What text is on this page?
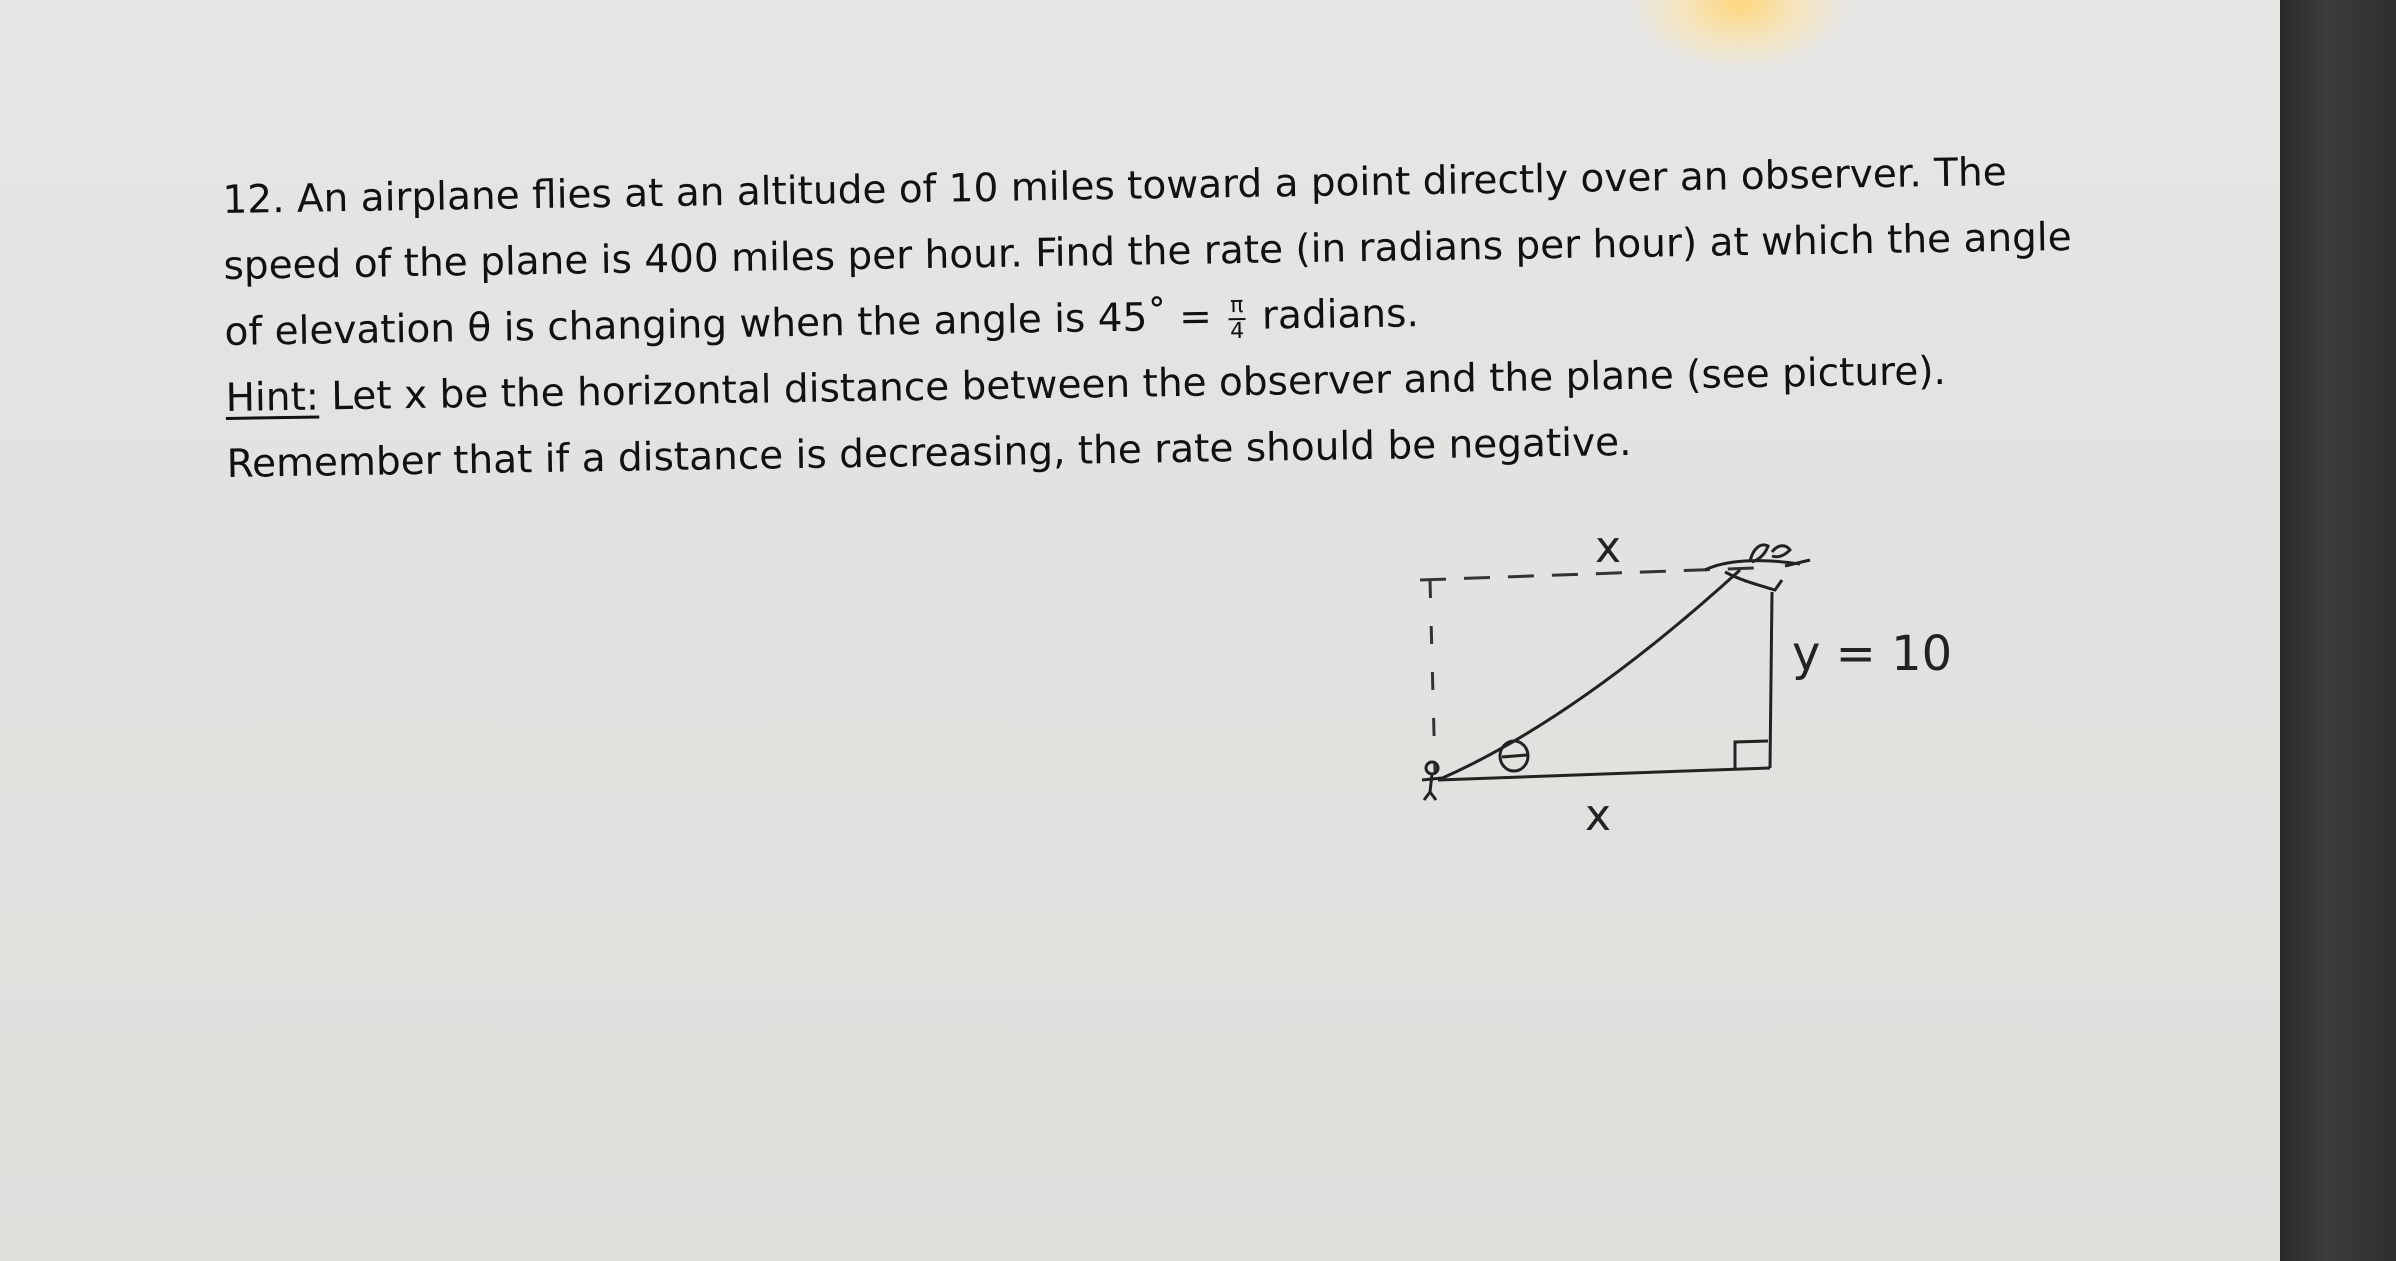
12. An airplane flies at an altitude of 10 miles toward a point directly over an observer. The
speed of the plane is 400 miles per hour. Find the rate (in radians per hour) at which the angle
of elevation θ is changing when the angle is 45˚ = $\frac{\pi}{4}$ radians.
Hint: Let x be the horizontal distance between the observer and the plane (see picture).
Remember that if a distance is decreasing, the rate should be negative.
x
x
y = 10
